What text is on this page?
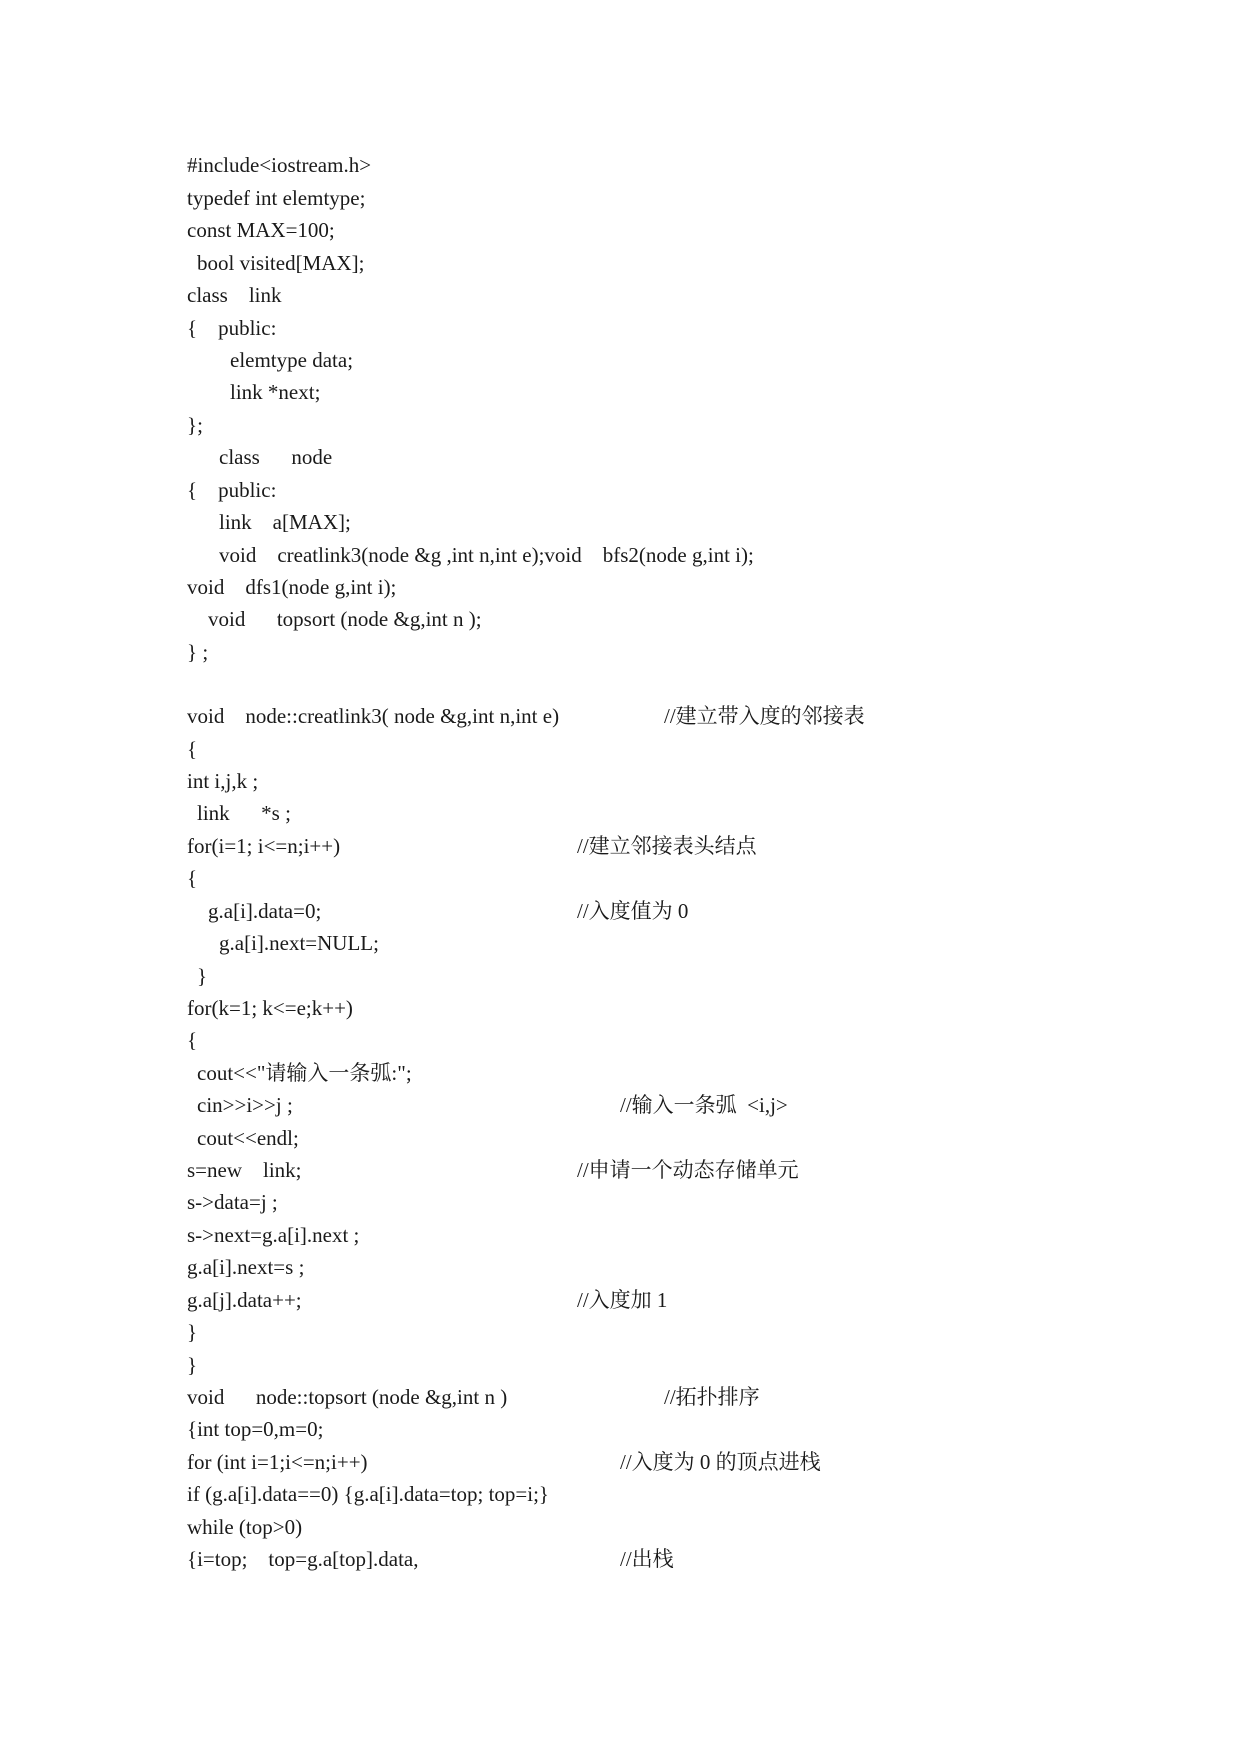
#include<iostream.h>
typedef int elemtype;
const MAX=100;
bool visited[MAX];
class    link
{    public:
elemtype data;
link *next;
};
class      node
{    public:
link    a[MAX];
void    creatlink3(node &g ,int n,int e);void    bfs2(node g,int i);
void    dfs1(node g,int i);
void      topsort (node &g,int n );
} ;
void    node::creatlink3( node &g,int n,int e)	//建立带入度的邻接表
{
int i,j,k ;
link      *s ;
for(i=1; i<=n;i++)	//建立邻接表头结点
{
g.a[i].data=0;	//入度值为 0
g.a[i].next=NULL;
}
for(k=1; k<=e;k++)
{
cout<<"请输入一条弧:";
cin>>i>>j ;	//输入一条弧  <i,j>
cout<<endl;
s=new    link;	//申请一个动态存储单元
s->data=j ;
s->next=g.a[i].next ;
g.a[i].next=s ;
g.a[j].data++;	//入度加 1
}
}
void      node::topsort (node &g,int n )	//拓扑排序
{int top=0,m=0;
for (int i=1;i<=n;i++)	//入度为 0 的顶点进栈
if (g.a[i].data==0) {g.a[i].data=top; top=i;}
while (top>0)
{i=top;    top=g.a[top].data,	//出栈
